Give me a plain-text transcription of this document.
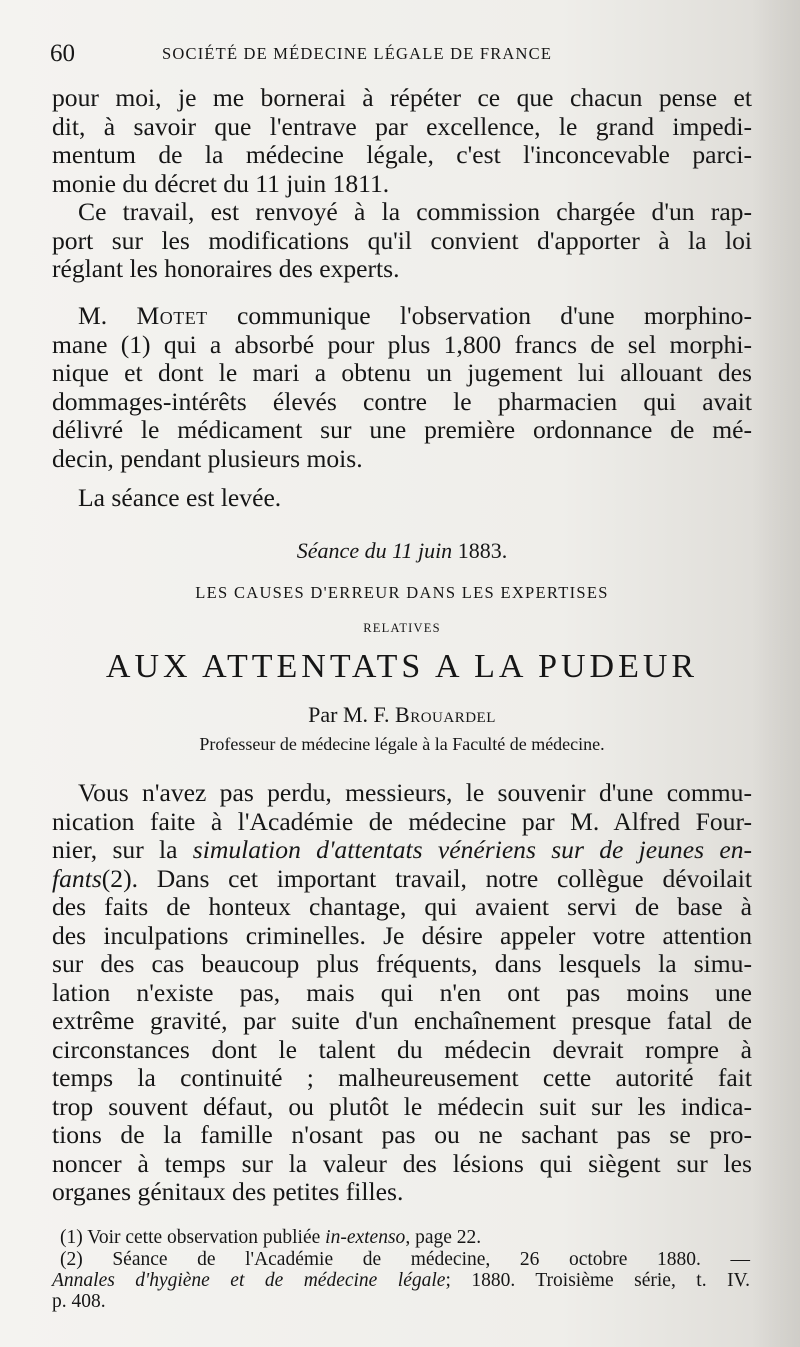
60	SOCIÉTÉ DE MÉDECINE LÉGALE DE FRANCE

pour moi, je me bornerai à répéter ce que chacun pense et
dit, à savoir que l'entrave par excellence, le grand impedi-
mentum de la médecine légale, c'est l'inconcevable parci-
monie du décret du 11 juin 1811.

Ce travail, est renvoyé à la commission chargée d'un rap-
port sur les modifications qu'il convient d'apporter à la loi
réglant les honoraires des experts.

M. Motet communique l'observation d'une morphino-
mane (1) qui a absorbé pour plus 1,800 francs de sel morphi-
nique et dont le mari a obtenu un jugement lui allouant des
dommages-intérêts élevés contre le pharmacien qui avait
délivré le médicament sur une première ordonnance de mé-
decin, pendant plusieurs mois.

La séance est levée.

Séance du 11 juin 1883.

LES CAUSES D'ERREUR DANS LES EXPERTISES

RELATIVES

AUX ATTENTATS A LA PUDEUR

Par M. F. Brouardel

Professeur de médecine légale à la Faculté de médecine.

Vous n'avez pas perdu, messieurs, le souvenir d'une commu-
nication faite à l'Académie de médecine par M. Alfred Four-
nier, sur la simulation d'attentats vénériens sur de jeunes en-
fants(2). Dans cet important travail, notre collègue dévoilait
des faits de honteux chantage, qui avaient servi de base à
des inculpations criminelles. Je désire appeler votre attention
sur des cas beaucoup plus fréquents, dans lesquels la simu-
lation n'existe pas, mais qui n'en ont pas moins une
extrême gravité, par suite d'un enchaînement presque fatal de
circonstances dont le talent du médecin devrait rompre à
temps la continuité ; malheureusement cette autorité fait
trop souvent défaut, ou plutôt le médecin suit sur les indica-
tions de la famille n'osant pas ou ne sachant pas se pro-
noncer à temps sur la valeur des lésions qui siègent sur les
organes génitaux des petites filles.

(1) Voir cette observation publiée in-extenso, page 22.

(2) Séance de l'Académie de médecine, 26 octobre 1880. —
Annales d'hygiène et de médecine légale; 1880. Troisième série, t. IV.
p. 408.
